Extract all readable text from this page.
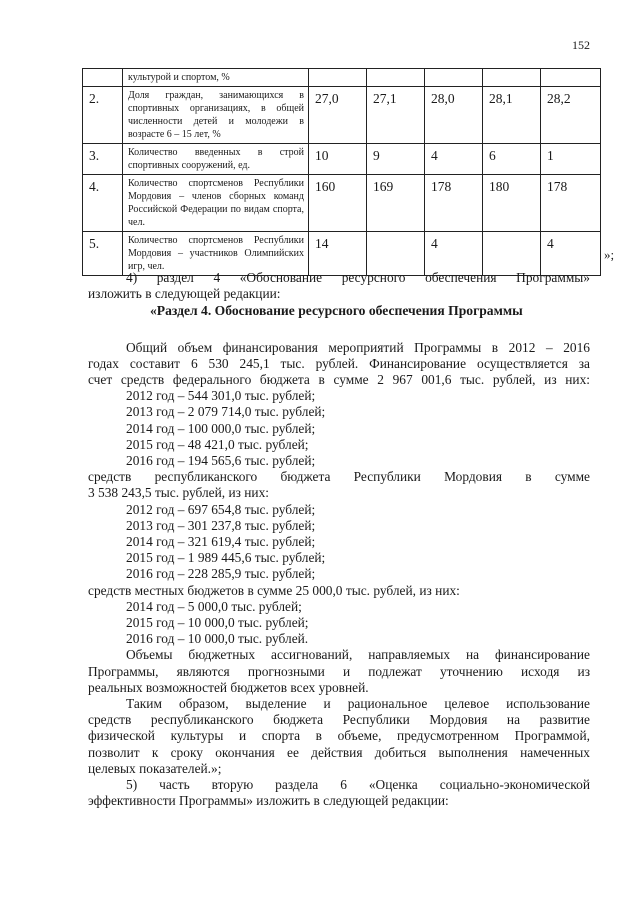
152
	культурой и спортом, %					
2.	Доля граждан, занимающихся в спортивных организациях, в общей численности детей и молодежи в возрасте 6 – 15 лет, %	27,0	27,1	28,0	28,1	28,2
3.	Количество введенных в строй спортивных сооружений, ед.	10	9	4	6	1
4.	Количество спортсменов Республики Мордовия – членов сборных команд Российской Федерации по видам спорта, чел.	160	169	178	180	178
5.	Количество спортсменов Республики Мордовия – участников Олимпийских игр, чел.	14		4		4
»;
4) раздел 4 «Обоснование ресурсного обеспечения Программы»
изложить в следующей редакции:
«Раздел 4. Обоснование ресурсного обеспечения Программы
Общий объем финансирования мероприятий Программы в 2012 – 2016
годах составит 6 530 245,1 тыс. рублей. Финансирование осуществляется за
счет средств федерального бюджета в сумме 2 967 001,6 тыс. рублей, из них:
2012 год – 544 301,0 тыс. рублей;
2013 год – 2 079 714,0 тыс. рублей;
2014 год – 100 000,0 тыс. рублей;
2015 год – 48 421,0 тыс. рублей;
2016 год – 194 565,6 тыс. рублей;
средств республиканского бюджета Республики Мордовия в сумме
3 538 243,5 тыс. рублей, из них:
2012 год – 697 654,8 тыс. рублей;
2013 год – 301 237,8 тыс. рублей;
2014 год – 321 619,4 тыс. рублей;
2015 год – 1 989 445,6 тыс. рублей;
2016 год – 228 285,9 тыс. рублей;
средств местных бюджетов в сумме 25 000,0 тыс. рублей, из них:
2014 год – 5 000,0 тыс. рублей;
2015 год – 10 000,0 тыс. рублей;
2016 год – 10 000,0 тыс. рублей.
Объемы бюджетных ассигнований, направляемых на финансирование
Программы, являются прогнозными и подлежат уточнению исходя из
реальных возможностей бюджетов всех уровней.
Таким образом, выделение и рациональное целевое использование
средств республиканского бюджета Республики Мордовия на развитие
физической культуры и спорта в объеме, предусмотренном Программой,
позволит к сроку окончания ее действия добиться выполнения намеченных
целевых показателей.»;
5) часть вторую раздела 6 «Оценка социально-экономической
эффективности Программы» изложить в следующей редакции:
